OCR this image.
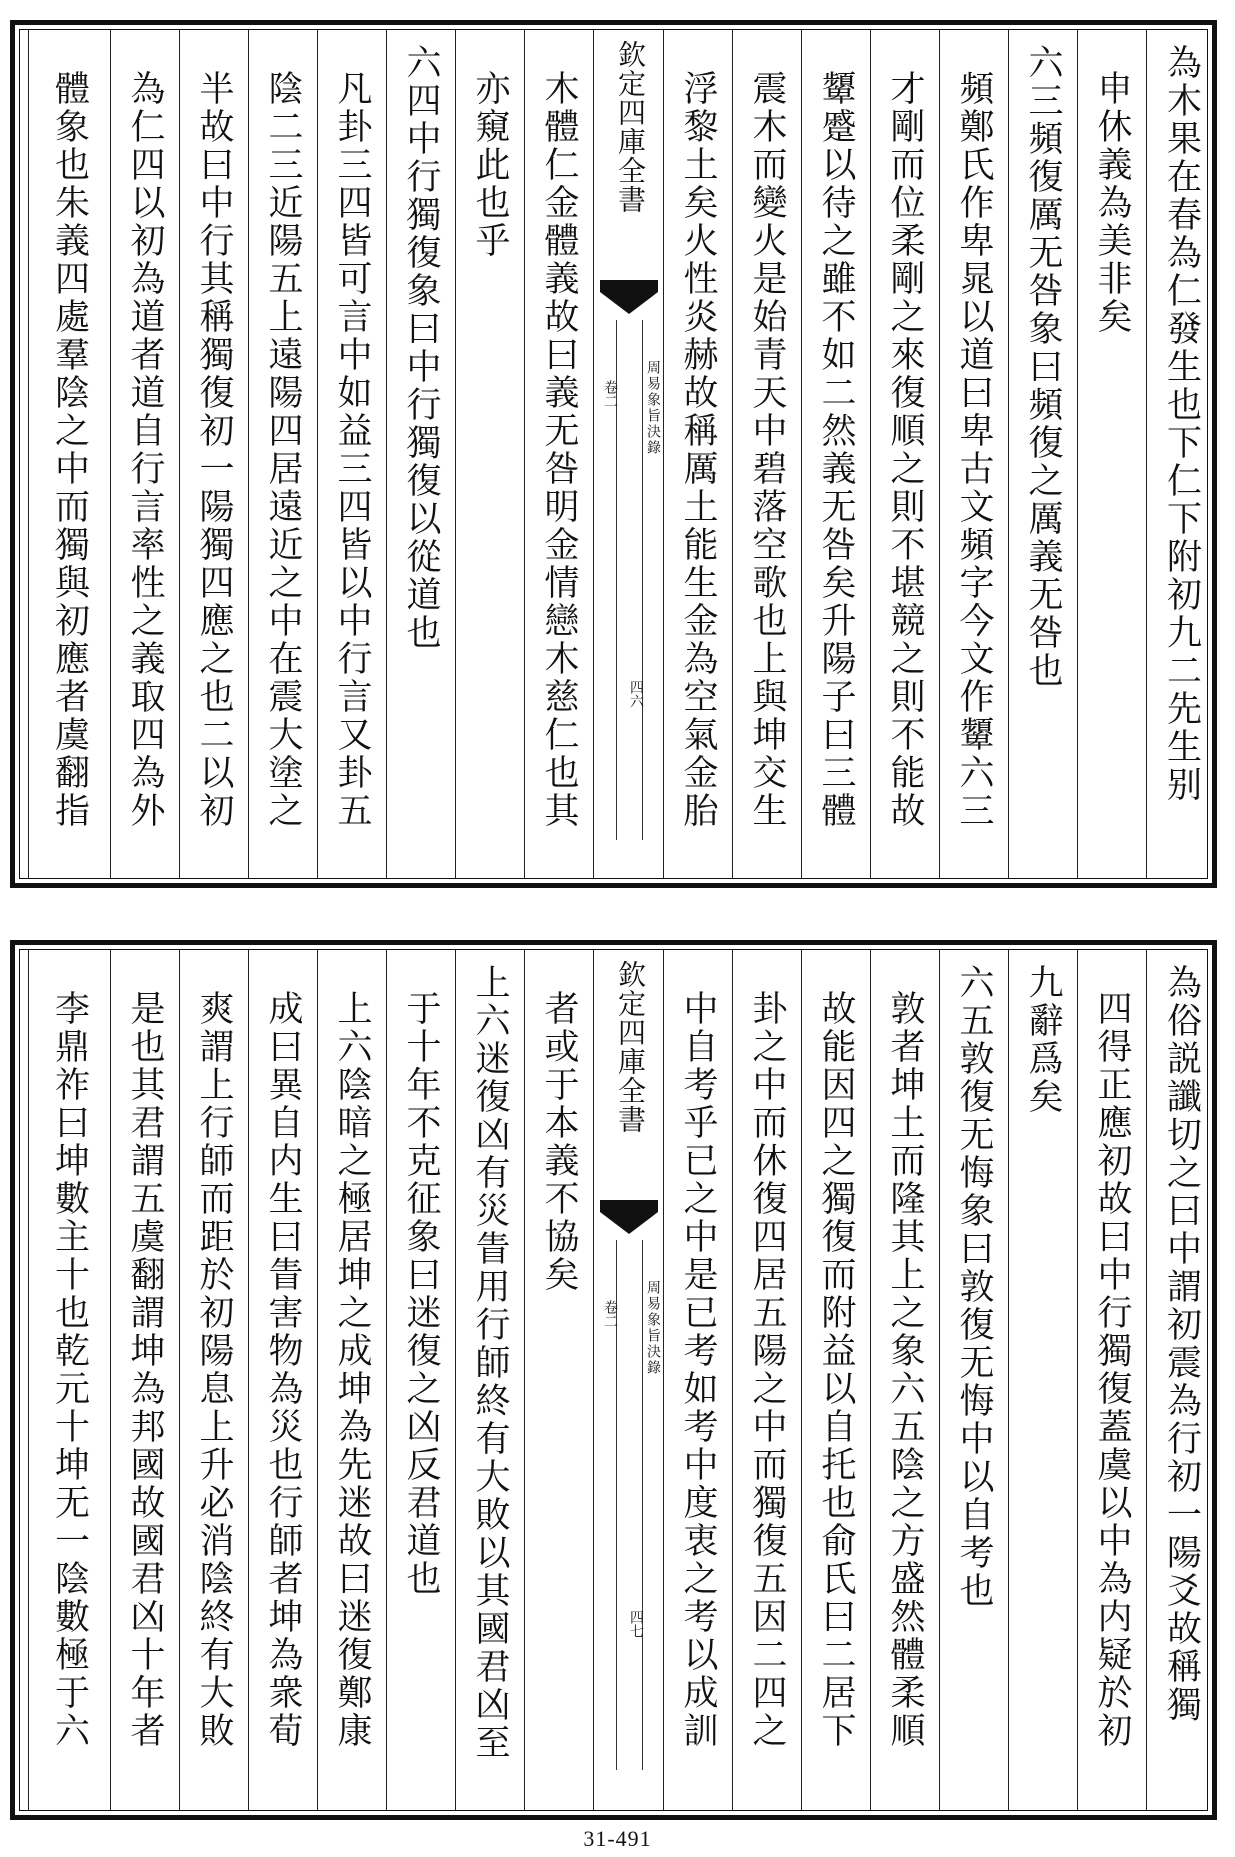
為木果在春為仁發生也下仁下附初九二先生别
申休義為美非矣
六三頻復厲无咎象曰頻復之厲義无咎也
頻鄭氏作卑晁以道曰卑古文頻字今文作顰六三
才剛而位柔剛之來復順之則不堪競之則不能故
顰蹙以待之雖不如二然義无咎矣升陽子曰三體
震木而變火是始青天中碧落空歌也上與坤交生
浮黎土矣火性炎赫故稱厲土能生金為空氣金胎
欽定四庫全書
周易象旨決錄
卷二
四六
木體仁金體義故曰義无咎明金情戀木慈仁也其
亦窺此也乎
六四中行獨復象曰中行獨復以從道也
凡卦三四皆可言中如益三四皆以中行言又卦五
陰二三近陽五上遠陽四居遠近之中在震大塗之
半故曰中行其稱獨復初一陽獨四應之也二以初
為仁四以初為道者道自行言率性之義取四為外
體象也朱義四處羣陰之中而獨與初應者虞翻指
為俗説讖切之曰中謂初震為行初一陽爻故稱獨
四得正應初故曰中行獨復蓋虞以中為内疑於初
九辭爲矣
六五敦復无悔象曰敦復无悔中以自考也
敦者坤土而隆其上之象六五陰之方盛然體柔順
故能因四之獨復而附益以自托也俞氏曰二居下
卦之中而休復四居五陽之中而獨復五因二四之
中自考乎已之中是已考如考中度衷之考以成訓
欽定四庫全書
周易象旨決錄
卷二
四七
者或于本義不協矣
上六迷復凶有災眚用行師終有大敗以其國君凶至
于十年不克征象曰迷復之凶反君道也
上六陰暗之極居坤之成坤為先迷故曰迷復鄭康
成曰異自内生曰眚害物為災也行師者坤為衆荀
爽謂上行師而距於初陽息上升必消陰終有大敗
是也其君謂五虞翻謂坤為邦國故國君凶十年者
李鼎祚曰坤數主十也乾元十坤无一陰數極于六
31-491
